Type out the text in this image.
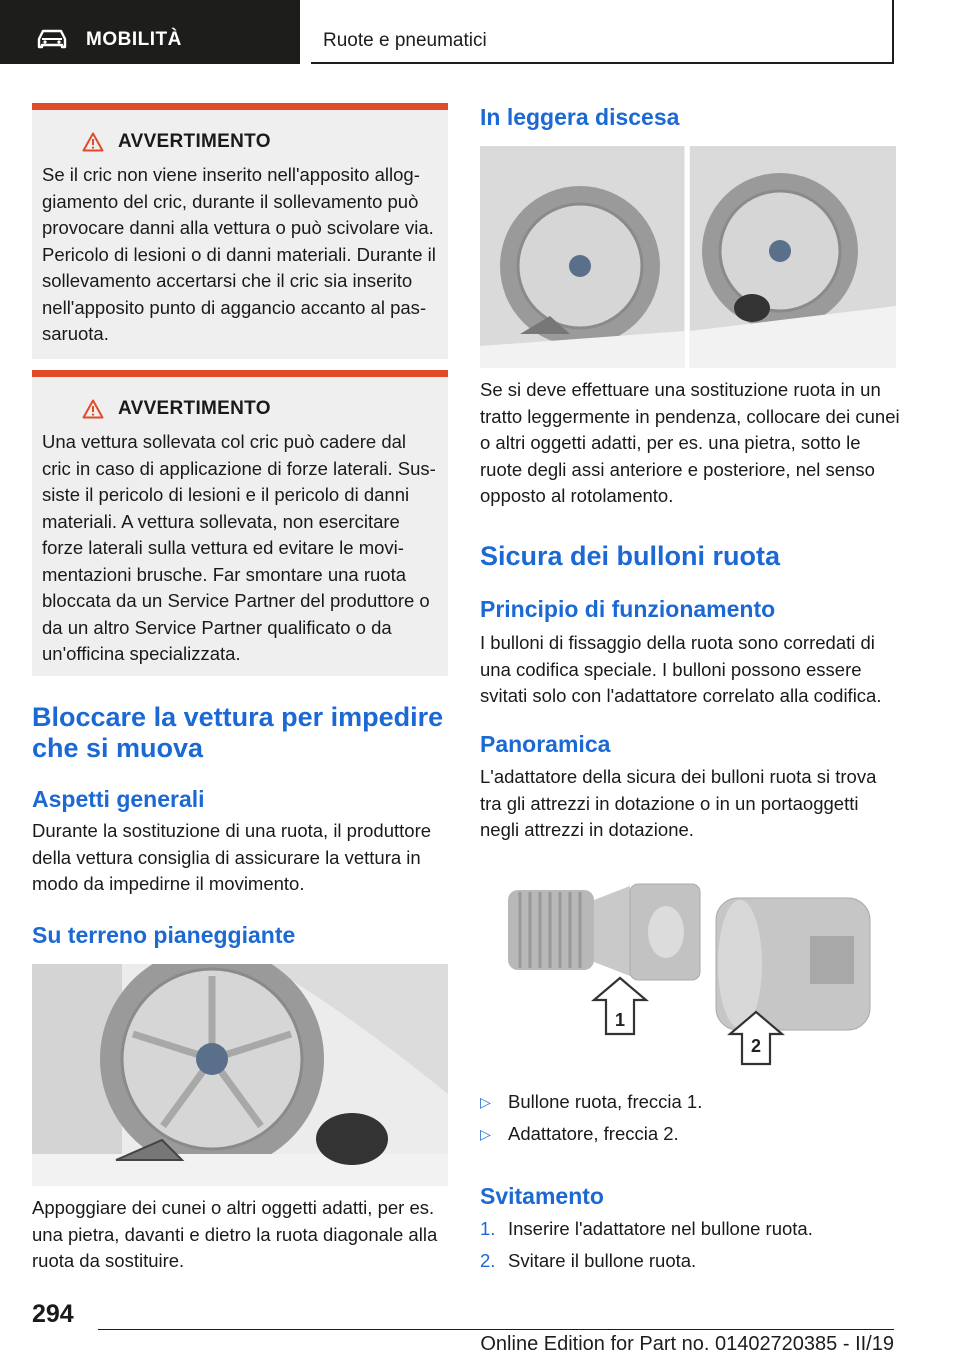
MOBILITÀ	Ruote e pneumatici
AVVERTIMENTO

Se il cric non viene inserito nell'apposito alloggiamento del cric, durante il sollevamento può provocare danni alla vettura o può scivolare via. Pericolo di lesioni o di danni materiali. Durante il sollevamento accertarsi che il cric sia inserito nell'apposito punto di aggancio accanto al passaruota.

AVVERTIMENTO

Una vettura sollevata col cric può cadere dal cric in caso di applicazione di forze laterali. Sussiste il pericolo di lesioni e il pericolo di danni materiali. A vettura sollevata, non esercitare forze laterali sulla vettura ed evitare le movimentazioni brusche. Far smontare una ruota bloccata da un Service Partner del produttore o da un altro Service Partner qualificato o da un'officina specializzata.

Bloccare la vettura per impedire che si muova
Aspetti generali

Durante la sostituzione di una ruota, il produttore della vettura consiglia di assicurare la vettura in modo da impedirne il movimento.

Su terreno pianeggiante

Appoggiare dei cunei o altri oggetti adatti, per es. una pietra, davanti e dietro la ruota diagonale alla ruota da sostituire.

In leggera discesa

Se si deve effettuare una sostituzione ruota in un tratto leggermente in pendenza, collocare dei cunei o altri oggetti adatti, per es. una pietra, sotto le ruote degli assi anteriore e posteriore, nel senso opposto al rotolamento.

Sicura dei bulloni ruota
Principio di funzionamento

I bulloni di fissaggio della ruota sono corredati di una codifica speciale. I bulloni possono essere svitati solo con l'adattatore correlato alla codifica.

Panoramica

L'adattatore della sicura dei bulloni ruota si trova tra gli attrezzi in dotazione o in un portaoggetti negli attrezzi in dotazione.

1
2
▷ Bullone ruota, freccia 1.
▷ Adattatore, freccia 2.
Svitamento
1. Inserire l'adattatore nel bullone ruota.
2. Svitare il bullone ruota.
294
Online Edition for Part no. 01402720385 - II/19
